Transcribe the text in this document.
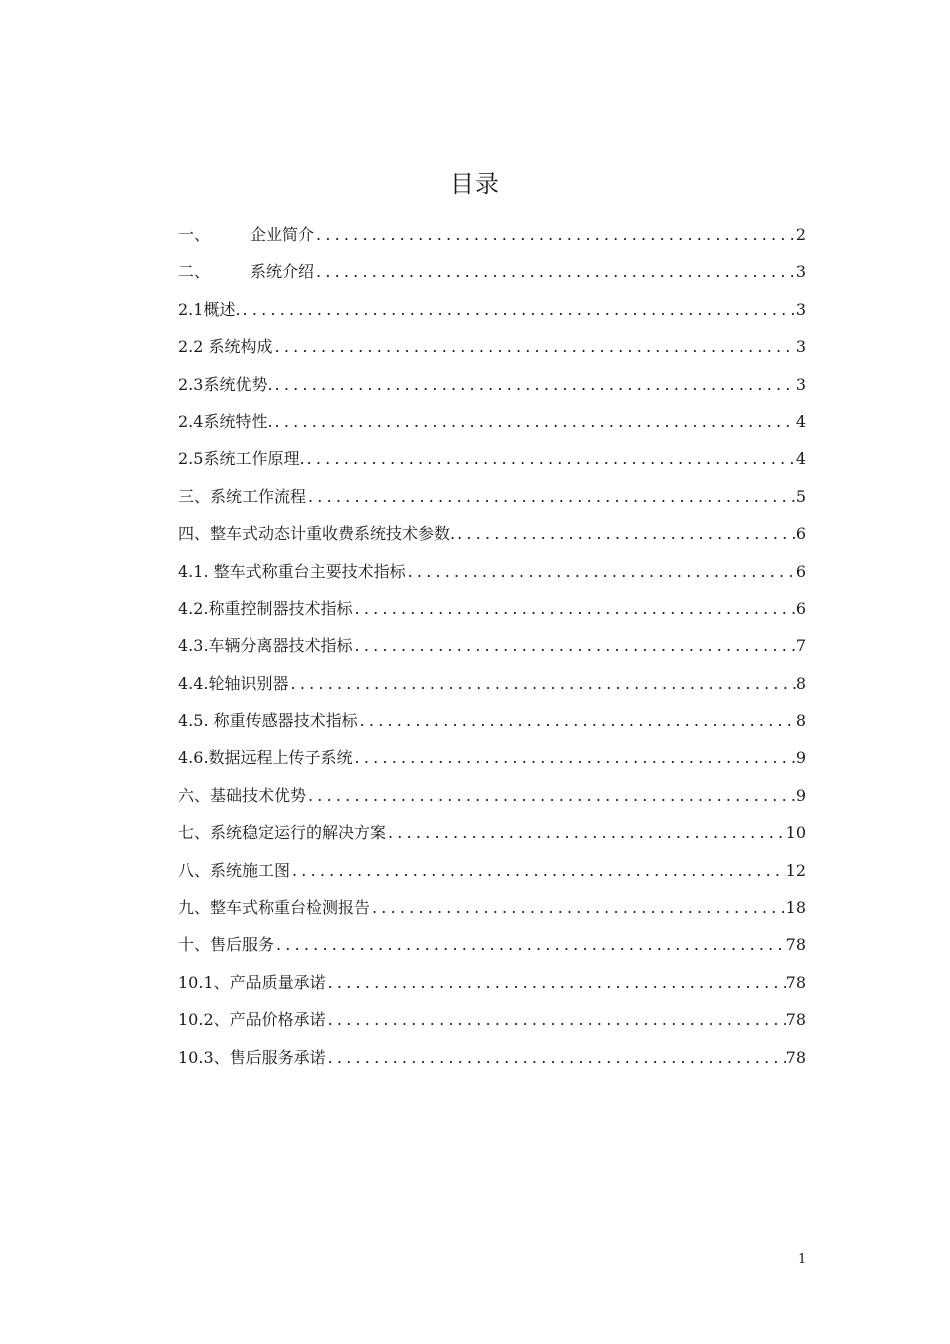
目录
一、	企业简介 .....	2
二、	系统介绍 .....	3
2.1概述. .....	3
2.2 系统构成 .....	3
2.3系统优势. .....	3
2.4系统特性. .....	4
2.5系统工作原理. .....	4
三、系统工作流程 .....	5
四、整车式动态计重收费系统技术参数. .....	6
4.1. 整车式称重台主要技术指标 .....	6
4.2.称重控制器技术指标 .....	6
4.3.车辆分离器技术指标 .....	7
4.4.轮轴识别器 .....	8
4.5. 称重传感器技术指标 .....	8
4.6.数据远程上传子系统 .....	9
六、基础技术优势 .....	9
七、系统稳定运行的解决方案 .....	10
八、系统施工图 .....	12
九、整车式称重台检测报告 .....	18
十、售后服务 .....	78
10.1、产品质量承诺 .....	78
10.2、产品价格承诺 .....	78
10.3、售后服务承诺 .....	78
1
